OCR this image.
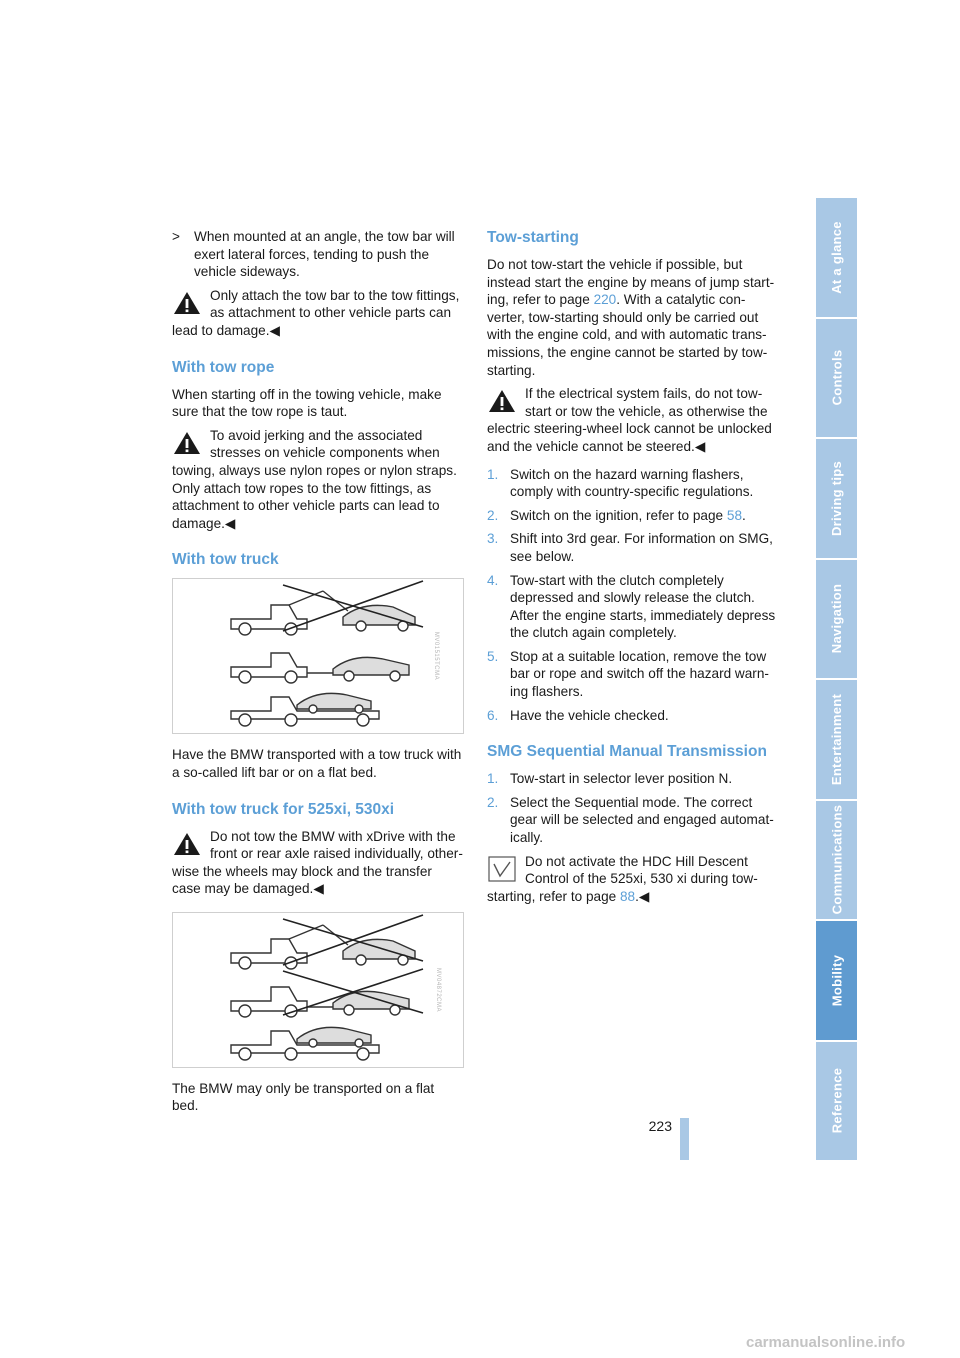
>	When mounted at an angle, the tow bar will exert lateral forces, tending to push the vehicle sideways.
Only attach the tow bar to the tow fittings, as attachment to other vehicle parts can
lead to damage.◀
With tow rope

When starting off in the towing vehicle, make sure that the tow rope is taut.

To avoid jerking and the associated stresses on vehicle components when
towing, always use nylon ropes or nylon straps. Only attach tow ropes to the tow fittings, as attachment to other vehicle parts can lead to damage.◀
With tow truck
MV01515TCMA

Have the BMW transported with a tow truck with a so-called lift bar or on a flat bed.

With tow truck for 525xi, 530xi
Do not tow the BMW with xDrive with the front or rear axle raised individually, other-
wise the wheels may block and the transfer case may be damaged.◀
MV04872CMA

The BMW may only be transported on a flat bed.

Tow-starting

Do not tow-start the vehicle if possible, but instead start the engine by means of jump start-ing, refer to page 220. With a catalytic con-verter, tow-starting should only be carried out with the engine cold, and with automatic trans-missions, the engine cannot be started by tow-starting.

If the electrical system fails, do not tow-start or tow the vehicle, as otherwise the
electric steering-wheel lock cannot be unlocked and the vehicle cannot be steered.◀
1. Switch on the hazard warning flashers, comply with country-specific regulations.
2. Switch on the ignition, refer to page 58.
3. Shift into 3rd gear. For information on SMG, see below.
4. Tow-start with the clutch completely depressed and slowly release the clutch. After the engine starts, immediately depress the clutch again completely.
5. Stop at a suitable location, remove the tow bar or rope and switch off the hazard warn-ing flashers.
6. Have the vehicle checked.
SMG Sequential Manual Transmission
1. Tow-start in selector lever position N.
2. Select the Sequential mode. The correct gear will be selected and engaged automat-ically.
Do not activate the HDC Hill Descent Control of the 525xi, 530 xi during tow-
starting, refer to page 88.◀
At a glance
Controls
Driving tips
Navigation
Entertainment
Communications
Mobility
Reference
223
carmanualsonline.info
